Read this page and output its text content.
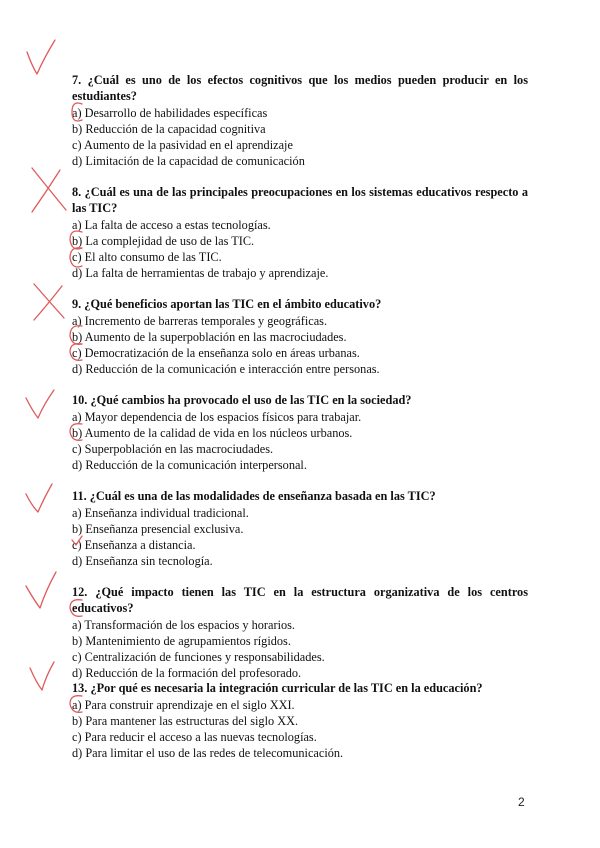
7. ¿Cuál es uno de los efectos cognitivos que los medios pueden producir en los estudiantes?

a) Desarrollo de habilidades específicas
b) Reducción de la capacidad cognitiva
c) Aumento de la pasividad en el aprendizaje
d) Limitación de la capacidad de comunicación

8. ¿Cuál es una de las principales preocupaciones en los sistemas educativos respecto a las TIC?

a) La falta de acceso a estas tecnologías.
b) La complejidad de uso de las TIC.
c) El alto consumo de las TIC.
d) La falta de herramientas de trabajo y aprendizaje.

9. ¿Qué beneficios aportan las TIC en el ámbito educativo?

a) Incremento de barreras temporales y geográficas.
b) Aumento de la superpoblación en las macrociudades.
c) Democratización de la enseñanza solo en áreas urbanas.
d) Reducción de la comunicación e interacción entre personas.

10. ¿Qué cambios ha provocado el uso de las TIC en la sociedad?

a) Mayor dependencia de los espacios físicos para trabajar.
b) Aumento de la calidad de vida en los núcleos urbanos.
c) Superpoblación en las macrociudades.
d) Reducción de la comunicación interpersonal.

11. ¿Cuál es una de las modalidades de enseñanza basada en las TIC?

a) Enseñanza individual tradicional.
b) Enseñanza presencial exclusiva.
c) Enseñanza a distancia.
d) Enseñanza sin tecnología.

12. ¿Qué impacto tienen las TIC en la estructura organizativa de los centros educativos?

a) Transformación de los espacios y horarios.
b) Mantenimiento de agrupamientos rígidos.
c) Centralización de funciones y responsabilidades.
d) Reducción de la formación del profesorado.

13. ¿Por qué es necesaria la integración curricular de las TIC en la educación?

a) Para construir aprendizaje en el siglo XXI.
b) Para mantener las estructuras del siglo XX.
c) Para reducir el acceso a las nuevas tecnologías.
d) Para limitar el uso de las redes de telecomunicación.
2
